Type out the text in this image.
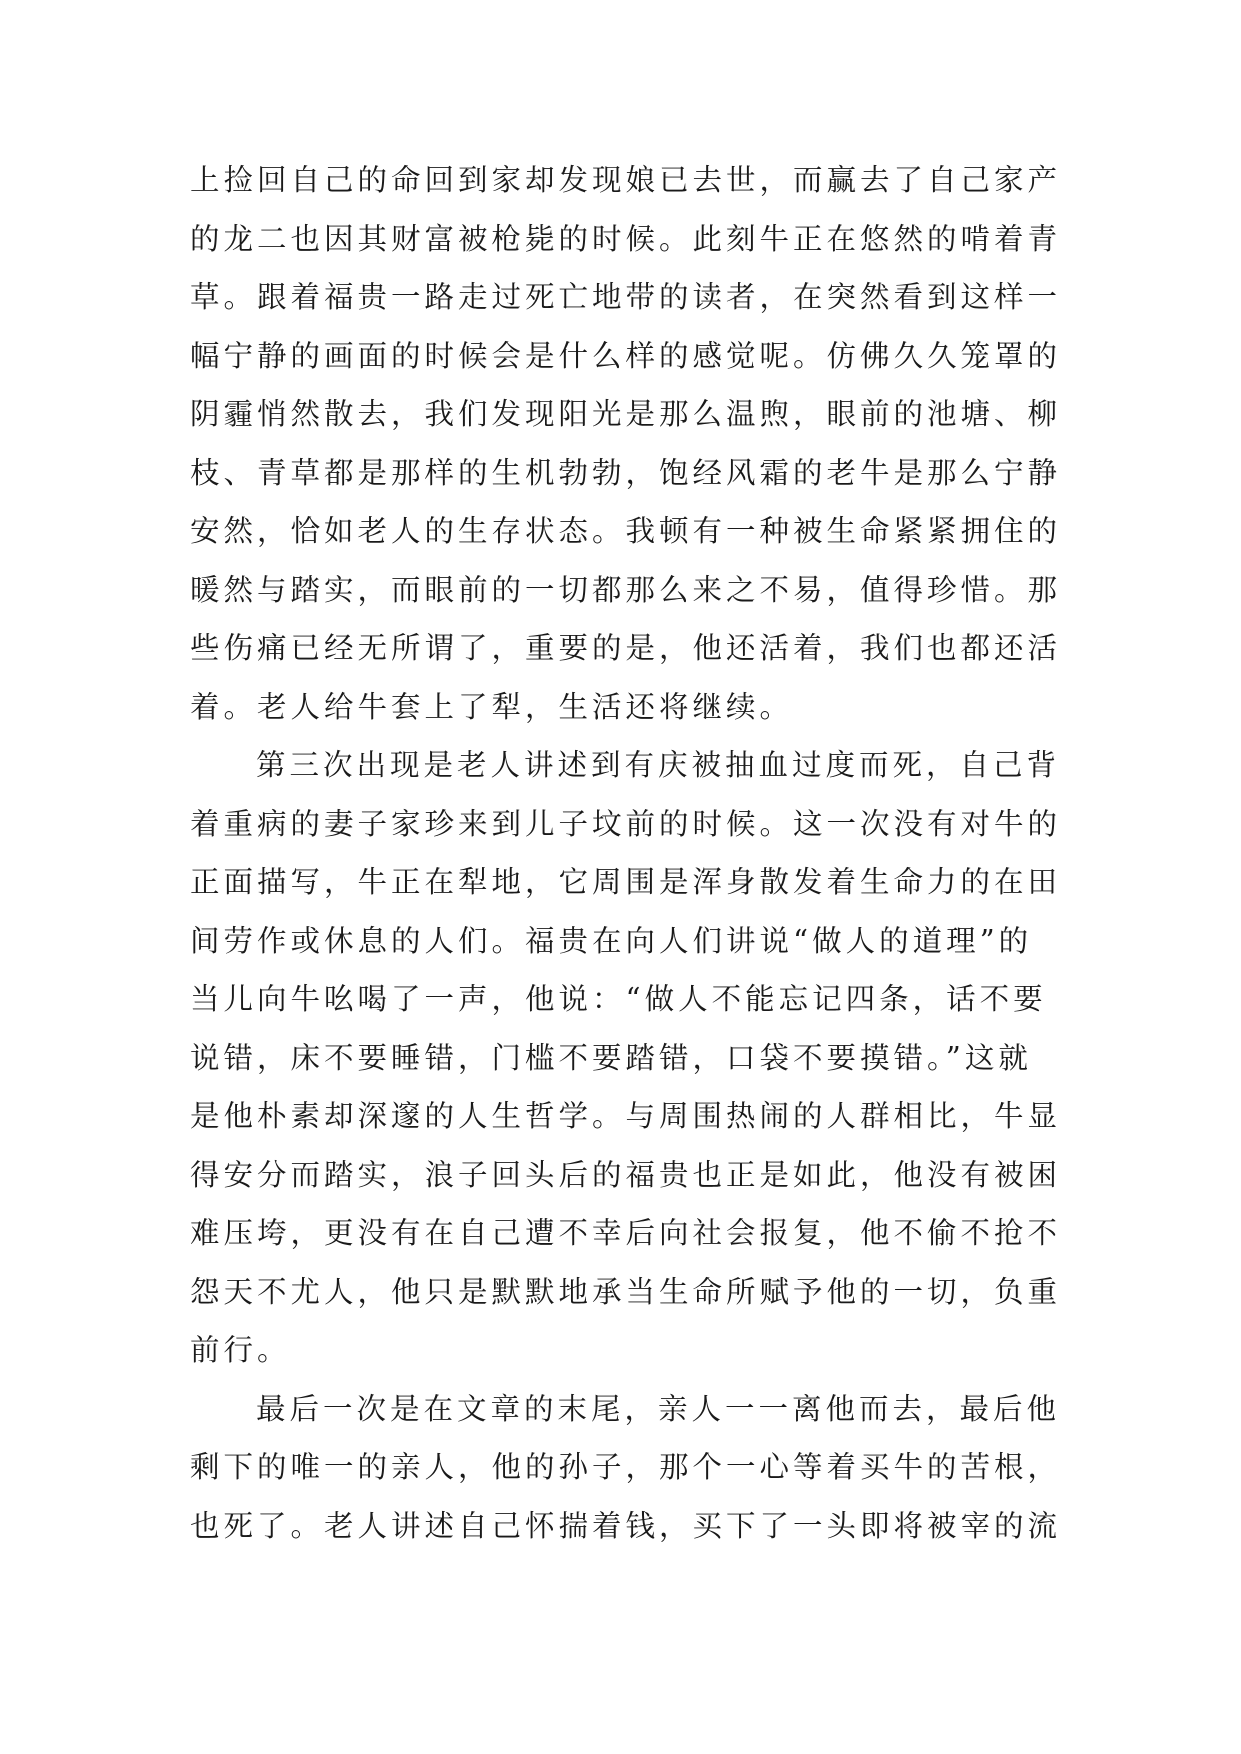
上捡回自己的命回到家却发现娘已去世，而赢去了自己家产
的龙二也因其财富被枪毙的时候。此刻牛正在悠然的啃着青
草。跟着福贵一路走过死亡地带的读者，在突然看到这样一
幅宁静的画面的时候会是什么样的感觉呢。仿佛久久笼罩的
阴霾悄然散去，我们发现阳光是那么温煦，眼前的池塘、柳
枝、青草都是那样的生机勃勃，饱经风霜的老牛是那么宁静
安然，恰如老人的生存状态。我顿有一种被生命紧紧拥住的
暖然与踏实，而眼前的一切都那么来之不易，值得珍惜。那
些伤痛已经无所谓了，重要的是，他还活着，我们也都还活
着。老人给牛套上了犁，生活还将继续。
第三次出现是老人讲述到有庆被抽血过度而死，自己背
着重病的妻子家珍来到儿子坟前的时候。这一次没有对牛的
正面描写，牛正在犁地，它周围是浑身散发着生命力的在田
间劳作或休息的人们。福贵在向人们讲说“做人的道理”的
当儿向牛吆喝了一声，他说：“做人不能忘记四条，话不要
说错，床不要睡错，门槛不要踏错，口袋不要摸错。”这就
是他朴素却深邃的人生哲学。与周围热闹的人群相比，牛显
得安分而踏实，浪子回头后的福贵也正是如此，他没有被困
难压垮，更没有在自己遭不幸后向社会报复，他不偷不抢不
怨天不尤人，他只是默默地承当生命所赋予他的一切，负重
前行。
最后一次是在文章的末尾，亲人一一离他而去，最后他
剩下的唯一的亲人，他的孙子，那个一心等着买牛的苦根，
也死了。老人讲述自己怀揣着钱，买下了一头即将被宰的流
